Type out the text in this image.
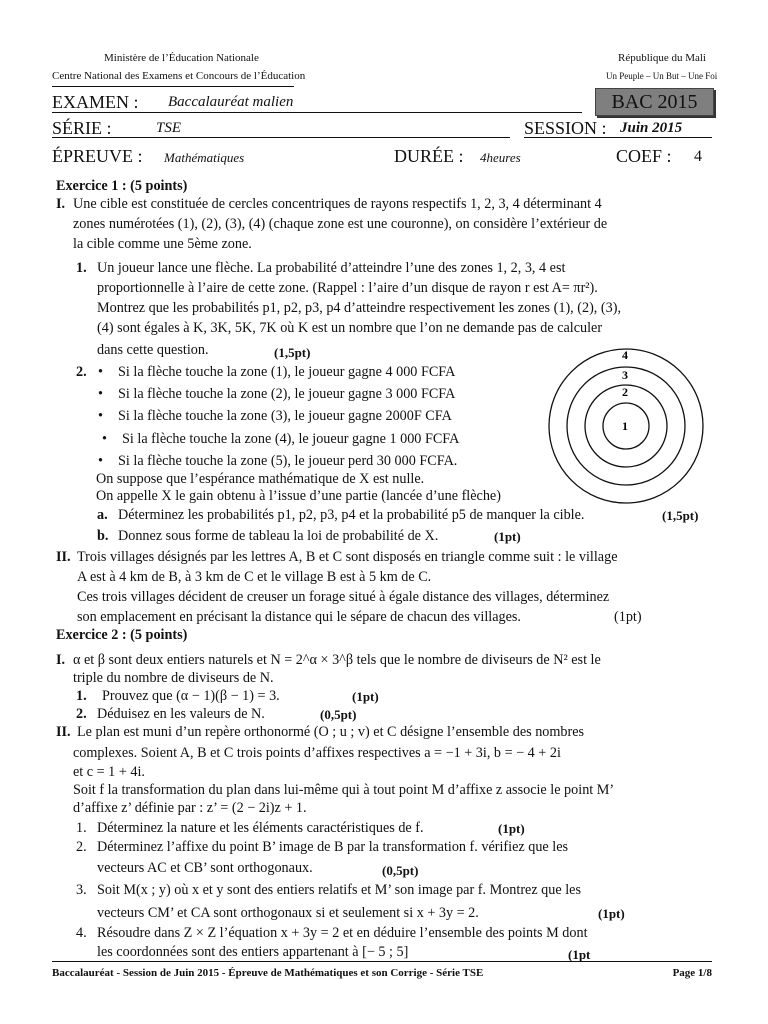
Ministère de l’Éducation Nationale
Centre National des Examens et Concours de l’Éducation
République du Mali
Un Peuple – Un But – Une Foi
EXAMEN : Baccalauréat malien	BAC 2015
SÉRIE :	TSE	SESSION : Juin 2015
ÉPREUVE : Mathématiques	DURÉE : 4heures	COEF : 4
Exercice 1 : (5 points)
I. Une cible est constituée de cercles concentriques de rayons respectifs 1, 2, 3, 4 déterminant 4
zones numérotées (1), (2), (3), (4) (chaque zone est une couronne), on considère l’extérieur de
la cible comme une 5ème zone.
1. Un joueur lance une flèche. La probabilité d’atteindre l’une des zones 1, 2, 3, 4 est
proportionnelle à l’aire de cette zone. (Rappel : l’aire d’un disque de rayon r est A= πr²).
Montrez que les probabilités p1, p2, p3, p4 d’atteindre respectivement les zones (1), (2), (3),
(4) sont égales à K, 3K, 5K, 7K où K est un nombre que l’on ne demande pas de calculer
dans cette question.	(1,5pt)
2. • Si la flèche touche la zone (1), le joueur gagne 4 000 FCFA
• Si la flèche touche la zone (2), le joueur gagne 3 000 FCFA
• Si la flèche touche la zone (3), le joueur gagne 2000F CFA
• Si la flèche touche la zone (4), le joueur gagne 1 000 FCFA
• Si la flèche touche la zone (5), le joueur perd 30 000 FCFA.
On suppose que l’espérance mathématique de X est nulle.
On appelle X le gain obtenu à l’issue d’une partie (lancée d’une flèche)
a. Déterminez les probabilités p1, p2, p3, p4 et la probabilité p5 de manquer la cible.	(1,5pt)
b. Donnez sous forme de tableau la loi de probabilité de X.	(1pt)
4
3
2
1
II. Trois villages désignés par les lettres A, B et C sont disposés en triangle comme suit : le village
A est à 4 km de B, à 3 km de C et le village B est à 5 km de C.
Ces trois villages décident de creuser un forage situé à égale distance des villages, déterminez
son emplacement en précisant la distance qui le sépare de chacun des villages.	(1pt)
Exercice 2 : (5 points)
I. α et β sont deux entiers naturels et N = 2^α × 3^β tels que le nombre de diviseurs de N² est le
triple du nombre de diviseurs de N.
1. Prouvez que (α − 1)(β − 1) = 3.	(1pt)
2. Déduisez en les valeurs de N.	(0,5pt)
II. Le plan est muni d’un repère orthonormé (O ; u ; v) et C désigne l’ensemble des nombres
complexes. Soient A, B et C trois points d’affixes respectives a = −1 + 3i, b = − 4 + 2i
et c = 1 + 4i.
Soit f la transformation du plan dans lui-même qui à tout point M d’affixe z associe le point M’
d’affixe z’ définie par : z’ = (2 − 2i)z + 1.
1. Déterminez la nature et les éléments caractéristiques de f.	(1pt)
2. Déterminez l’affixe du point B’ image de B par la transformation f. vérifiez que les
vecteurs AC et CB’ sont orthogonaux.	(0,5pt)
3. Soit M(x ; y) où x et y sont des entiers relatifs et M’ son image par f. Montrez que les
vecteurs CM’ et CA sont orthogonaux si et seulement si x + 3y = 2.	(1pt)
4. Résoudre dans Z × Z l’équation x + 3y = 2 et en déduire l’ensemble des points M dont
les coordonnées sont des entiers appartenant à [− 5 ; 5]	(1pt
Baccalauréat - Session de Juin 2015 - Épreuve de Mathématiques et son Corrige - Série TSE	Page 1/8
